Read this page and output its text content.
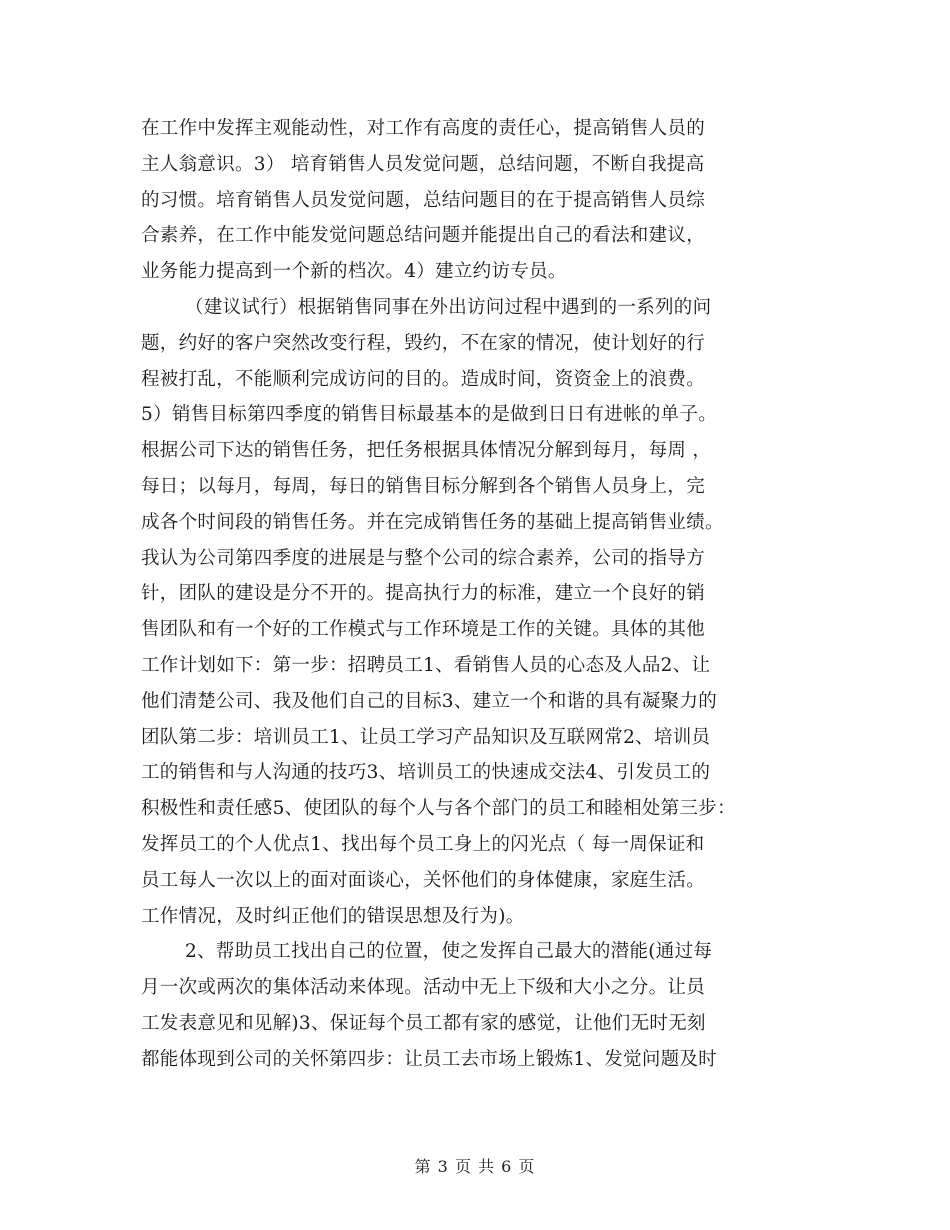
在工作中发挥主观能动性，对工作有高度的责任心，提高销售人员的
主人翁意识。3） 培育销售人员发觉问题，总结问题，不断自我提高
的习惯。培育销售人员发觉问题，总结问题目的在于提高销售人员综
合素养，在工作中能发觉问题总结问题并能提出自己的看法和建议，
业务能力提高到一个新的档次。4）建立约访专员。
（建议试行）根据销售同事在外出访问过程中遇到的一系列的问
题，约好的客户突然改变行程，毁约，不在家的情况，使计划好的行
程被打乱，不能顺利完成访问的目的。造成时间，资资金上的浪费。
5）销售目标第四季度的销售目标最基本的是做到日日有进帐的单子。
根据公司下达的销售任务，把任务根据具体情况分解到每月，每周 ，
每日；以每月，每周，每日的销售目标分解到各个销售人员身上，完
成各个时间段的销售任务。并在完成销售任务的基础上提高销售业绩。
我认为公司第四季度的进展是与整个公司的综合素养，公司的指导方
针，团队的建设是分不开的。提高执行力的标准，建立一个良好的销
售团队和有一个好的工作模式与工作环境是工作的关键。具体的其他
工作计划如下：第一步：招聘员工1、看销售人员的心态及人品2、让
他们清楚公司、我及他们自己的目标3、建立一个和谐的具有凝聚力的
团队第二步：培训员工1、让员工学习产品知识及互联网常2、培训员
工的销售和与人沟通的技巧3、培训员工的快速成交法4、引发员工的
积极性和责任感5、使团队的每个人与各个部门的员工和睦相处第三步：
发挥员工的个人优点1、找出每个员工身上的闪光点（ 每一周保证和
员工每人一次以上的面对面谈心，关怀他们的身体健康，家庭生活。
工作情况，及时纠正他们的错误思想及行为)。
2、帮助员工找出自己的位置，使之发挥自己最大的潜能(通过每
月一次或两次的集体活动来体现。活动中无上下级和大小之分。让员
工发表意见和见解)3、保证每个员工都有家的感觉，让他们无时无刻
都能体现到公司的关怀第四步：让员工去市场上锻炼1、发觉问题及时
第 3 页 共 6 页
